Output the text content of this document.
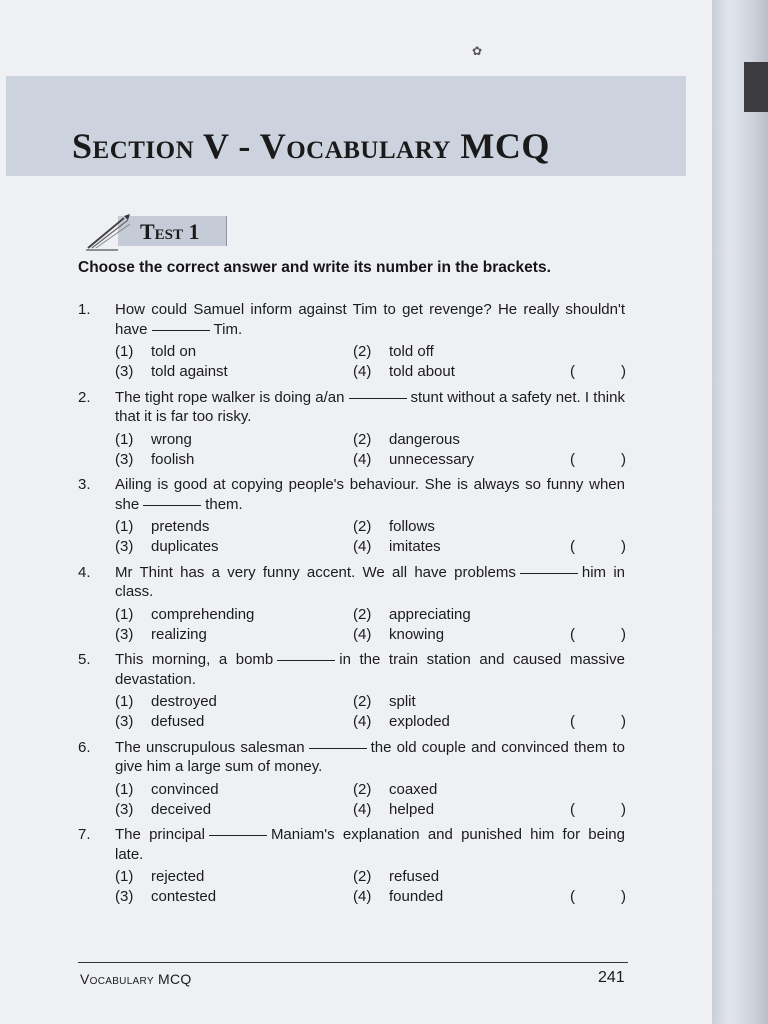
✿
Section V - Vocabulary MCQ
Test 1

Choose the correct answer and write its number in the brackets.

1. How could Samuel inform against Tim to get revenge? He really shouldn't have	Tim.
(1) told on	(2) told off
(3) told against	(4) told about	(	)
2. The tight rope walker is doing a/an	stunt without a safety net. I think that it is far too risky.
(1) wrong	(2) dangerous
(3) foolish	(4) unnecessary	(	)
3. Ailing is good at copying people's behaviour. She is always so funny when she	them.
(1) pretends	(2) follows
(3) duplicates	(4) imitates	(	)
4. Mr Thint has a very funny accent. We all have problems	him in class.
(1) comprehending	(2) appreciating
(3) realizing	(4) knowing	(	)
5. This morning, a bomb	in the train station and caused massive devastation.
(1) destroyed	(2) split
(3) defused	(4) exploded	(	)
6. The unscrupulous salesman	the old couple and convinced them to give him a large sum of money.
(1) convinced	(2) coaxed
(3) deceived	(4) helped	(	)
7. The principal	Maniam's explanation and punished him for being late.
(1) rejected	(2) refused
(3) contested	(4) founded	(	)
Vocabulary MCQ	241
